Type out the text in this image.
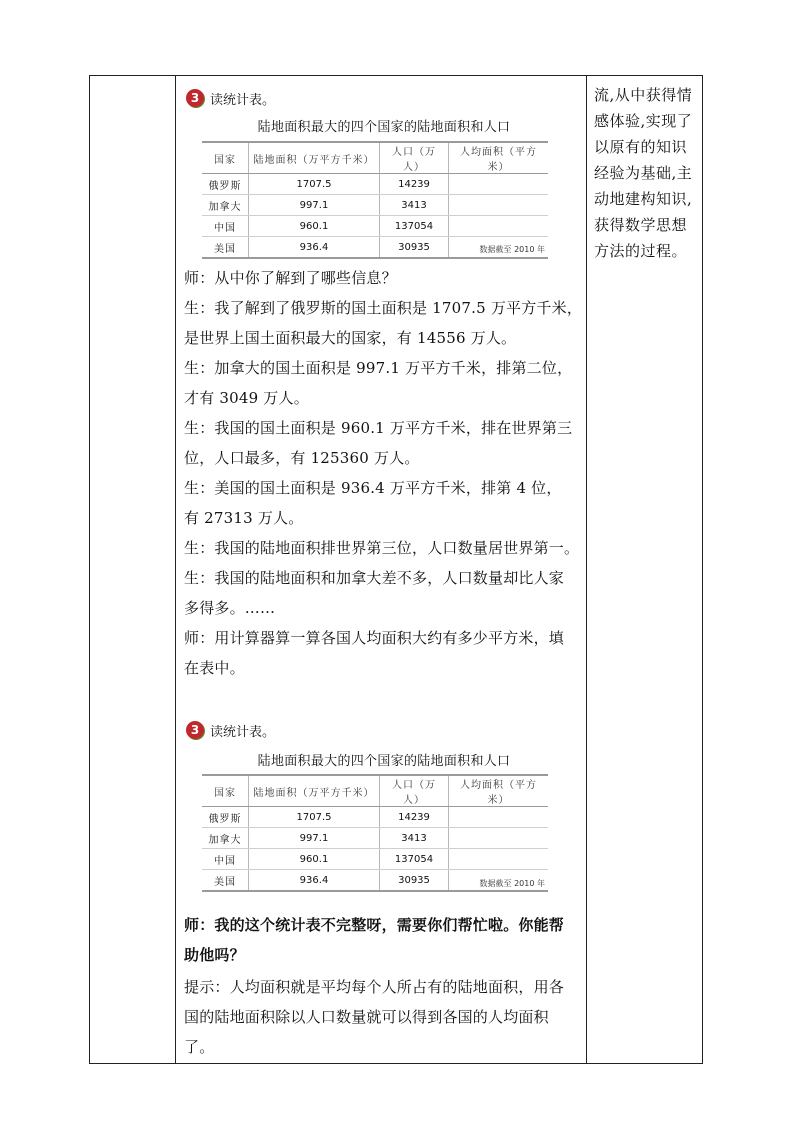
流,从中获得情
感体验,实现了
以原有的知识
经验为基础,主
动地建构知识,
获得数学思想
方法的过程。
3 读统计表。
陆地面积最大的四个国家的陆地面积和人口
国家	陆地面积（万平方千米）	人口（万人）	人均面积（平方米）
俄罗斯	1707.5	14239	
加拿大	997.1	3413	
中国	960.1	137054	
美国	936.4	30935		数据截至 2010 年
师：从中你了解到了哪些信息？
生：我了解到了俄罗斯的国土面积是 1707.5 万平方千米，
是世界上国土面积最大的国家，有 14556 万人。
生：加拿大的国土面积是 997.1 万平方千米，排第二位，
才有 3049 万人。
生：我国的国土面积是 960.1 万平方千米，排在世界第三
位，人口最多，有 125360 万人。
生：美国的国土面积是 936.4 万平方千米，排第 4 位，
有 27313 万人。
生：我国的陆地面积排世界第三位，人口数量居世界第一。
生：我国的陆地面积和加拿大差不多，人口数量却比人家
多得多。……
师：用计算器算一算各国人均面积大约有多少平方米，填
在表中。
3 读统计表。
陆地面积最大的四个国家的陆地面积和人口
国家	陆地面积（万平方千米）	人口（万人）	人均面积（平方米）
俄罗斯	1707.5	14239	
加拿大	997.1	3413	
中国	960.1	137054	
美国	936.4	30935		数据截至 2010 年
师：我的这个统计表不完整呀，需要你们帮忙啦。你能帮
助他吗？
提示：人均面积就是平均每个人所占有的陆地面积，用各
国的陆地面积除以人口数量就可以得到各国的人均面积
了。
